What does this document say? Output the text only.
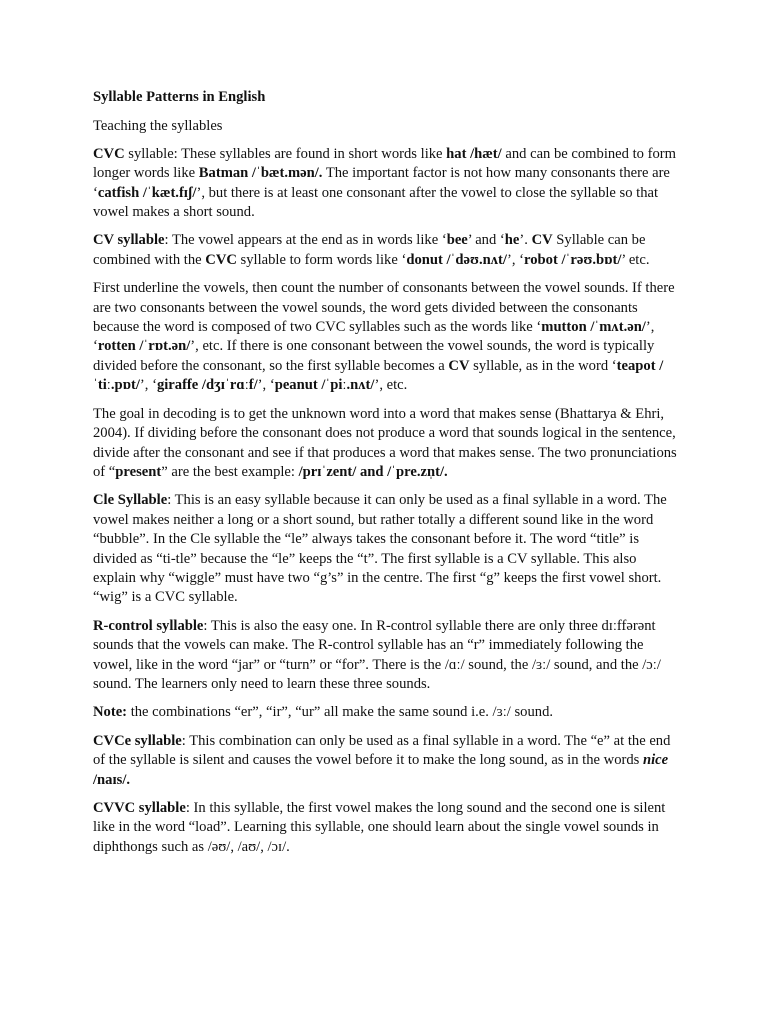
Syllable Patterns in English
Teaching the syllables

CVC syllable: These syllables are found in short words like hat /hæt/ and can be combined to form longer words like Batman /ˈbæt.mən/. The important factor is not how many consonants there are ‘catfish /ˈkæt.fɪʃ/’, but there is at least one consonant after the vowel to close the syllable so that vowel makes a short sound.

CV syllable: The vowel appears at the end as in words like ‘bee’ and ‘he’. CV Syllable can be combined with the CVC syllable to form words like ‘donut /ˈdəʊ.nʌt/’, ‘robot /ˈrəʊ.bɒt/’ etc.

First underline the vowels, then count the number of consonants between the vowel sounds. If there are two consonants between the vowel sounds, the word gets divided between the consonants because the word is composed of two CVC syllables such as the words like ‘mutton /ˈmʌt.ən/’, ‘rotten /ˈrɒt.ən/’, etc. If there is one consonant between the vowel sounds, the word is typically divided before the consonant, so the first syllable becomes a CV syllable, as in the word ‘teapot /ˈtiː.pɒt/’, ‘giraffe /dʒɪˈrɑːf/’, ‘peanut /ˈpiː.nʌt/’, etc.

The goal in decoding is to get the unknown word into a word that makes sense (Bhattarya & Ehri, 2004). If dividing before the consonant does not produce a word that sounds logical in the sentence, divide after the consonant and see if that produces a word that makes sense. The two pronunciations of “present” are the best example: /prɪˈzent/ and /ˈpre.zn̩t/.

Cle Syllable: This is an easy syllable because it can only be used as a final syllable in a word. The vowel makes neither a long or a short sound, but rather totally a different sound like in the word “bubble”. In the Cle syllable the “le” always takes the consonant before it. The word “title” is divided as “ti-tle” because the “le” keeps the “t”. The first syllable is a CV syllable. This also explain why “wiggle” must have two “g’s” in the centre. The first “g” keeps the first vowel short. “wig” is a CVC syllable.

R-control syllable: This is also the easy one. In R-control syllable there are only three dɪːffərənt sounds that the vowels can make. The R-control syllable has an “r” immediately following the vowel, like in the word “jar” or “turn” or “for”. There is the /ɑː/ sound, the /ɜː/ sound, and the /ɔː/ sound. The learners only need to learn these three sounds.

Note: the combinations “er”, “ir”, “ur” all make the same sound i.e. /ɜː/ sound.

CVCe syllable: This combination can only be used as a final syllable in a word. The “e” at the end of the syllable is silent and causes the vowel before it to make the long sound, as in the words nice /naɪs/.

CVVC syllable: In this syllable, the first vowel makes the long sound and the second one is silent like in the word “load”. Learning this syllable, one should learn about the single vowel sounds in diphthongs such as /əʊ/, /aʊ/, /ɔɪ/.
